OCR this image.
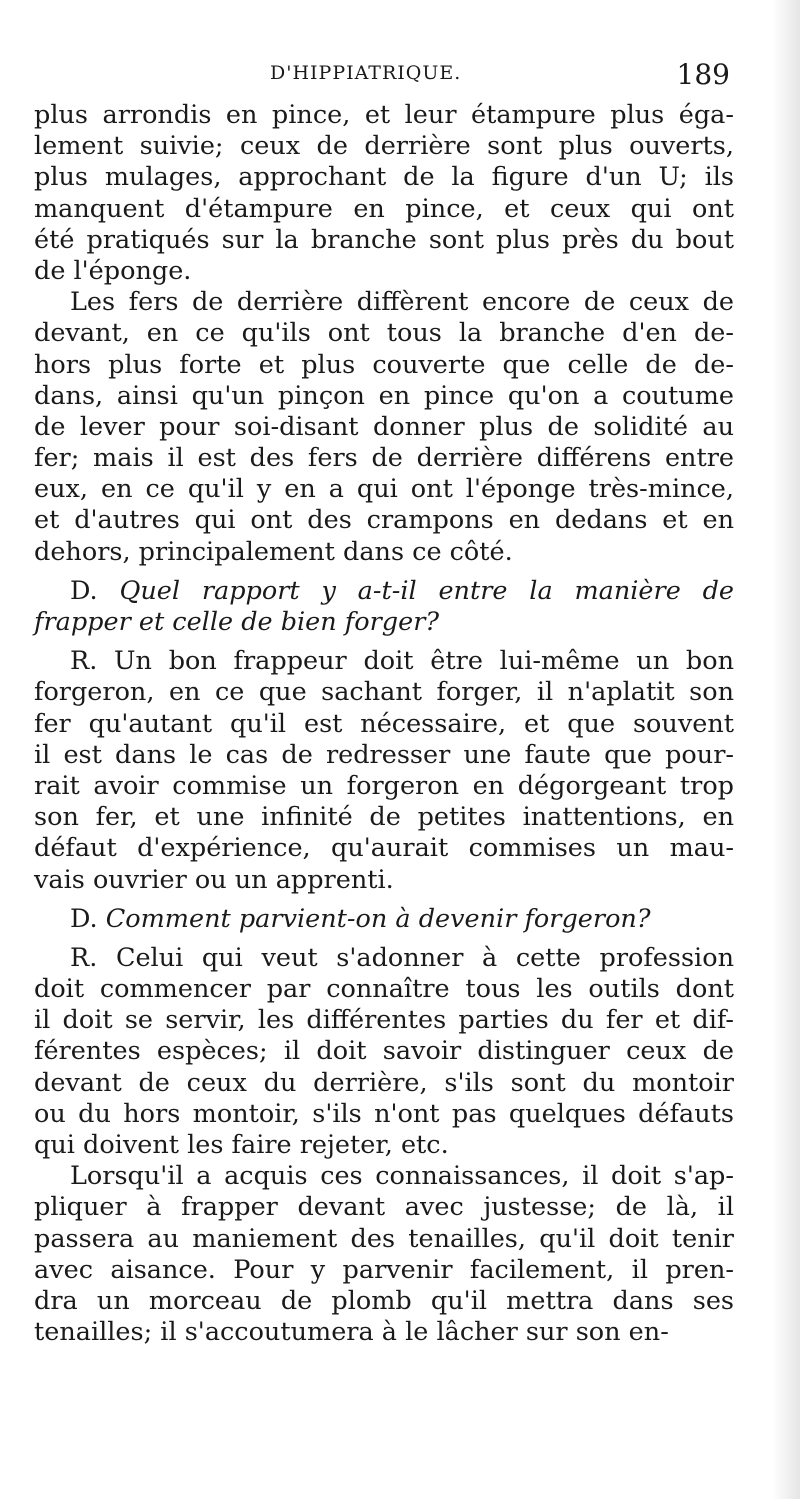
D'HIPPIATRIQUE.	189
plus arrondis en pince, et leur étampure plus éga-
lement suivie; ceux de derrière sont plus ouverts,
plus mulages, approchant de la figure d'un U; ils
manquent d'étampure en pince, et ceux qui ont
été pratiqués sur la branche sont plus près du bout
de l'éponge.
Les fers de derrière diffèrent encore de ceux de
devant, en ce qu'ils ont tous la branche d'en de-
hors plus forte et plus couverte que celle de de-
dans, ainsi qu'un pinçon en pince qu'on a coutume
de lever pour soi-disant donner plus de solidité au
fer; mais il est des fers de derrière différens entre
eux, en ce qu'il y en a qui ont l'éponge très-mince,
et d'autres qui ont des crampons en dedans et en
dehors, principalement dans ce côté.
D. Quel rapport y a-t-il entre la manière de
frapper et celle de bien forger?
R. Un bon frappeur doit être lui-même un bon
forgeron, en ce que sachant forger, il n'aplatit son
fer qu'autant qu'il est nécessaire, et que souvent
il est dans le cas de redresser une faute que pour-
rait avoir commise un forgeron en dégorgeant trop
son fer, et une infinité de petites inattentions, en
défaut d'expérience, qu'aurait commises un mau-
vais ouvrier ou un apprenti.
D. Comment parvient-on à devenir forgeron?
R. Celui qui veut s'adonner à cette profession
doit commencer par connaître tous les outils dont
il doit se servir, les différentes parties du fer et dif-
férentes espèces; il doit savoir distinguer ceux de
devant de ceux du derrière, s'ils sont du montoir
ou du hors montoir, s'ils n'ont pas quelques défauts
qui doivent les faire rejeter, etc.
Lorsqu'il a acquis ces connaissances, il doit s'ap-
pliquer à frapper devant avec justesse; de là, il
passera au maniement des tenailles, qu'il doit tenir
avec aisance. Pour y parvenir facilement, il pren-
dra un morceau de plomb qu'il mettra dans ses
tenailles; il s'accoutumera à le lâcher sur son en-
